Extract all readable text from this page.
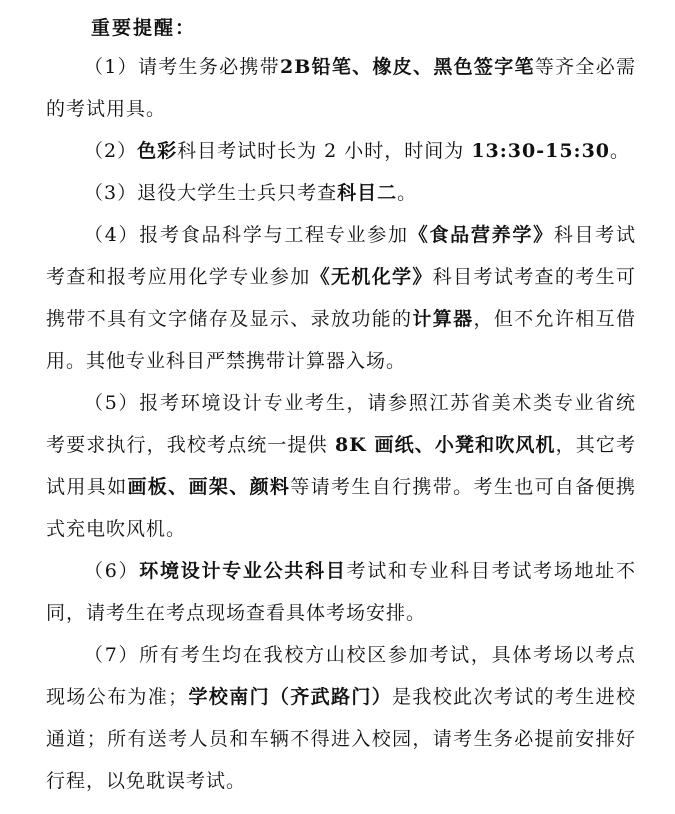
重要提醒：

（1）请考生务必携带2B铅笔、橡皮、黑色签字笔等齐全必需的考试用具。

（2）色彩科目考试时长为 2 小时，时间为 13:30-15:30。

（3）退役大学生士兵只考查科目二。

（4）报考食品科学与工程专业参加《食品营养学》科目考试考查和报考应用化学专业参加《无机化学》科目考试考查的考生可携带不具有文字储存及显示、录放功能的计算器，但不允许相互借用。其他专业科目严禁携带计算器入场。

（5）报考环境设计专业考生，请参照江苏省美术类专业省统考要求执行，我校考点统一提供 8K 画纸、小凳和吹风机，其它考试用具如画板、画架、颜料等请考生自行携带。考生也可自备便携式充电吹风机。

（6）环境设计专业公共科目考试和专业科目考试考场地址不同，请考生在考点现场查看具体考场安排。

（7）所有考生均在我校方山校区参加考试，具体考场以考点现场公布为准；学校南门（齐武路门）是我校此次考试的考生进校通道；所有送考人员和车辆不得进入校园，请考生务必提前安排好行程，以免耽误考试。
